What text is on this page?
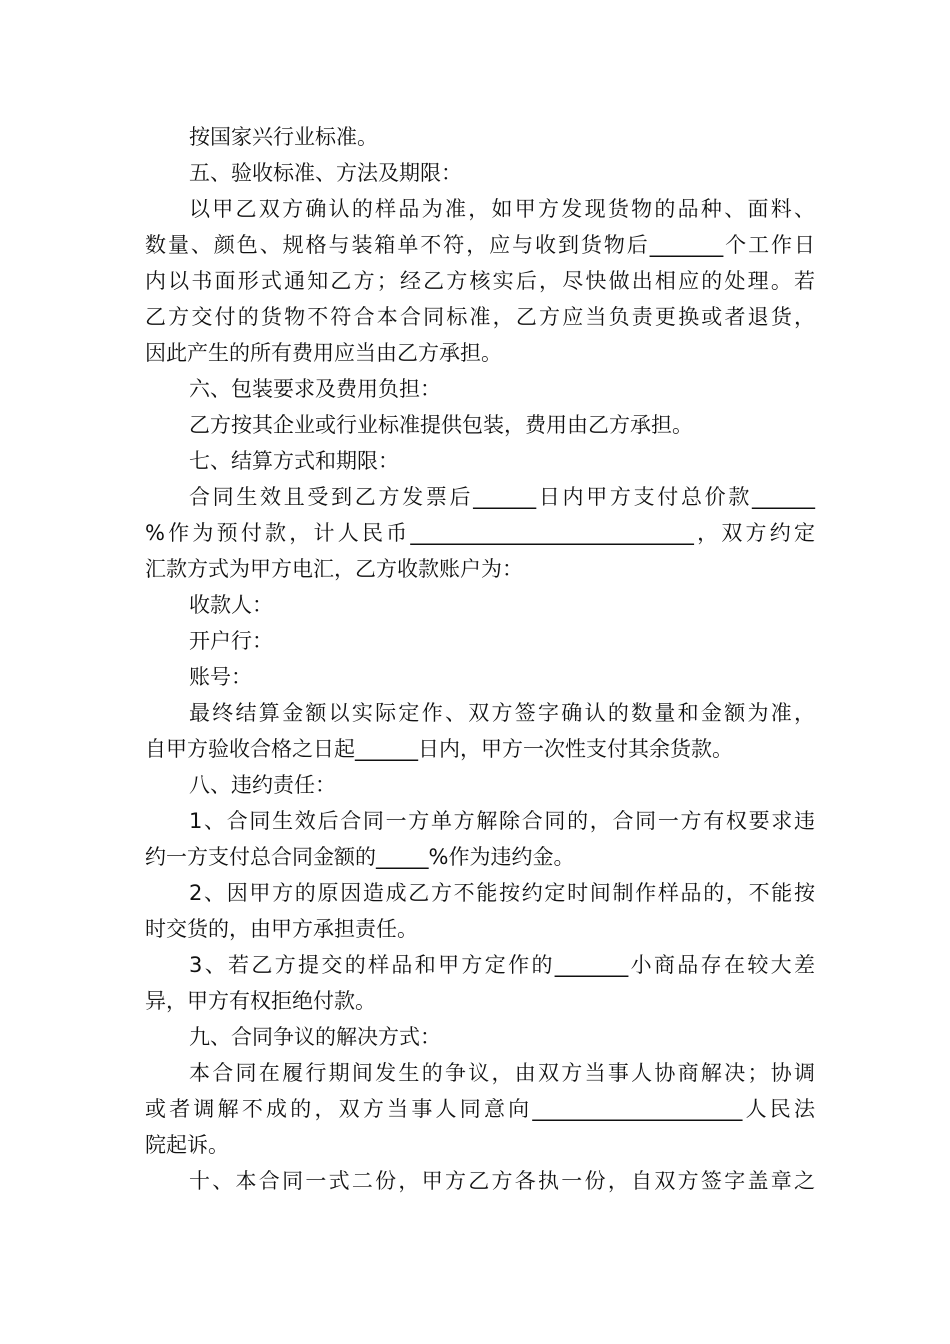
按国家兴行业标准。
五、验收标准、方法及期限：
以甲乙双方确认的样品为准，如甲方发现货物的品种、面料、
数量、颜色、规格与装箱单不符，应与收到货物后_______个工作日
内以书面形式通知乙方；经乙方核实后，尽快做出相应的处理。若
乙方交付的货物不符合本合同标准，乙方应当负责更换或者退货，
因此产生的所有费用应当由乙方承担。
六、包装要求及费用负担：
乙方按其企业或行业标准提供包装，费用由乙方承担。
七、结算方式和期限：
合同生效且受到乙方发票后______日内甲方支付总价款______
%作为预付款，计人民币___________________________，双方约定
汇款方式为甲方电汇，乙方收款账户为：
收款人：
开户行：
账号：
最终结算金额以实际定作、双方签字确认的数量和金额为准，
自甲方验收合格之日起______日内，甲方一次性支付其余货款。
八、违约责任：
1、合同生效后合同一方单方解除合同的，合同一方有权要求违
约一方支付总合同金额的_____%作为违约金。
2、因甲方的原因造成乙方不能按约定时间制作样品的，不能按
时交货的，由甲方承担责任。
3、若乙方提交的样品和甲方定作的_______小商品存在较大差
异，甲方有权拒绝付款。
九、合同争议的解决方式：
本合同在履行期间发生的争议，由双方当事人协商解决；协调
或者调解不成的，双方当事人同意向____________________人民法
院起诉。
十、本合同一式二份，甲方乙方各执一份，自双方签字盖章之
